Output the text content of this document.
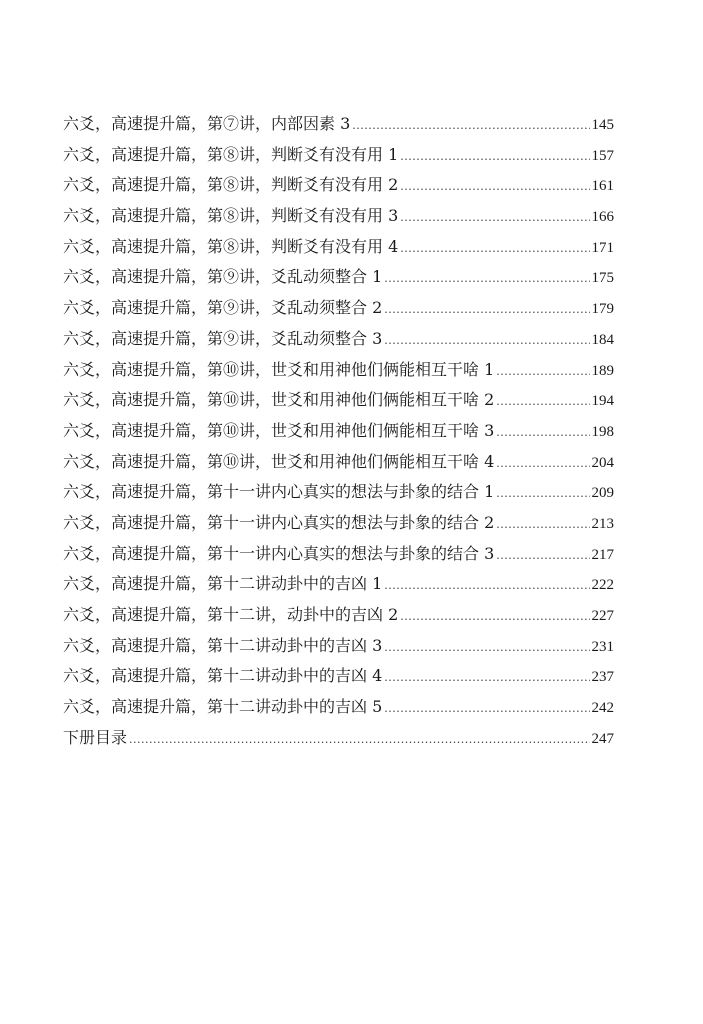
六爻，高速提升篇，第⑦讲，内部因素 3 .....	145
六爻，高速提升篇，第⑧讲，判断爻有没有用 1 .....	157
六爻，高速提升篇，第⑧讲，判断爻有没有用 2 .....	161
六爻，高速提升篇，第⑧讲，判断爻有没有用 3 .....	166
六爻，高速提升篇，第⑧讲，判断爻有没有用 4 .....	171
六爻，高速提升篇，第⑨讲，爻乱动须整合 1 .....	175
六爻，高速提升篇，第⑨讲，爻乱动须整合 2 .....	179
六爻，高速提升篇，第⑨讲，爻乱动须整合 3 .....	184
六爻，高速提升篇，第⑩讲，世爻和用神他们俩能相互干啥 1 .....	189
六爻，高速提升篇，第⑩讲，世爻和用神他们俩能相互干啥 2 .....	194
六爻，高速提升篇，第⑩讲，世爻和用神他们俩能相互干啥 3 .....	198
六爻，高速提升篇，第⑩讲，世爻和用神他们俩能相互干啥 4 .....	204
六爻，高速提升篇，第十一讲内心真实的想法与卦象的结合 1 .....	209
六爻，高速提升篇，第十一讲内心真实的想法与卦象的结合 2 .....	213
六爻，高速提升篇，第十一讲内心真实的想法与卦象的结合 3 .....	217
六爻，高速提升篇，第十二讲动卦中的吉凶 1 .....	222
六爻，高速提升篇，第十二讲，动卦中的吉凶 2 .....	227
六爻，高速提升篇，第十二讲动卦中的吉凶 3 .....	231
六爻，高速提升篇，第十二讲动卦中的吉凶 4 .....	237
六爻，高速提升篇，第十二讲动卦中的吉凶 5 .....	242
下册目录 .....	247
